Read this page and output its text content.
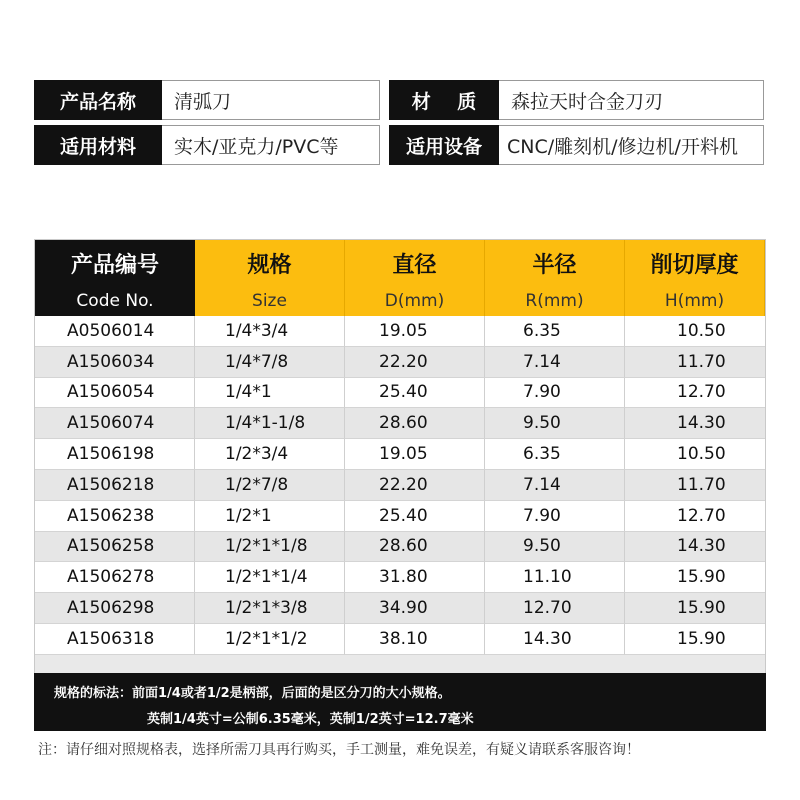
产品名称	清弧刀	材    质	森拉天时合金刀刃
适用材料	实木/亚克力/PVC等	适用设备	CNC/雕刻机/修边机/开料机
产品编号	规格	直径	半径	削切厚度
Code No.	Size	D(mm)	R(mm)	H(mm)
A0506014	1/4*3/4	19.05	6.35	10.50
A1506034	1/4*7/8	22.20	7.14	11.70
A1506054	1/4*1	25.40	7.90	12.70
A1506074	1/4*1-1/8	28.60	9.50	14.30
A1506198	1/2*3/4	19.05	6.35	10.50
A1506218	1/2*7/8	22.20	7.14	11.70
A1506238	1/2*1	25.40	7.90	12.70
A1506258	1/2*1*1/8	28.60	9.50	14.30
A1506278	1/2*1*1/4	31.80	11.10	15.90
A1506298	1/2*1*3/8	34.90	12.70	15.90
A1506318	1/2*1*1/2	38.10	14.30	15.90
规格的标法：前面1/4或者1/2是柄部，后面的是区分刀的大小规格。
英制1/4英寸=公制6.35毫米，英制1/2英寸=12.7毫米
注：请仔细对照规格表，选择所需刀具再行购买，手工测量，难免误差，有疑义请联系客服咨询！
